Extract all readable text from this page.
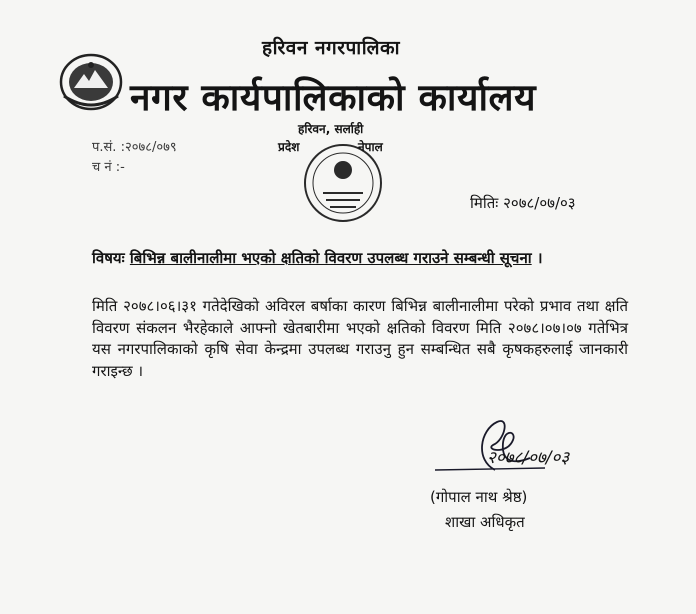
हरिवन नगरपालिका
नगर कार्यपालिकाको कार्यालय
हरिवन, सर्लाही
प्रदेश	नेपाल
प.सं. :२०७८/०७९
च नं :-
मितिः २०७८/०७/०३
विषयः बिभिन्न बालीनालीमा भएको क्षतिको विवरण उपलब्ध गराउने सम्बन्धी सूचना ।
मिति २०७८।०६।३१ गतेदेखिको अविरल बर्षाका कारण बिभिन्न बालीनालीमा परेको प्रभाव तथा क्षति विवरण संकलन भैरहेकाले आफ्नो खेतबारीमा भएको क्षतिको विवरण मिति २०७८।०७।०७ गतेभित्र यस नगरपालिकाको कृषि सेवा केन्द्रमा उपलब्ध गराउनु हुन सम्बन्धित सबै कृषकहरुलाई जानकारी गराइन्छ ।
२०७८/०७/०३
(गोपाल नाथ श्रेष्ठ)
शाखा अधिकृत
